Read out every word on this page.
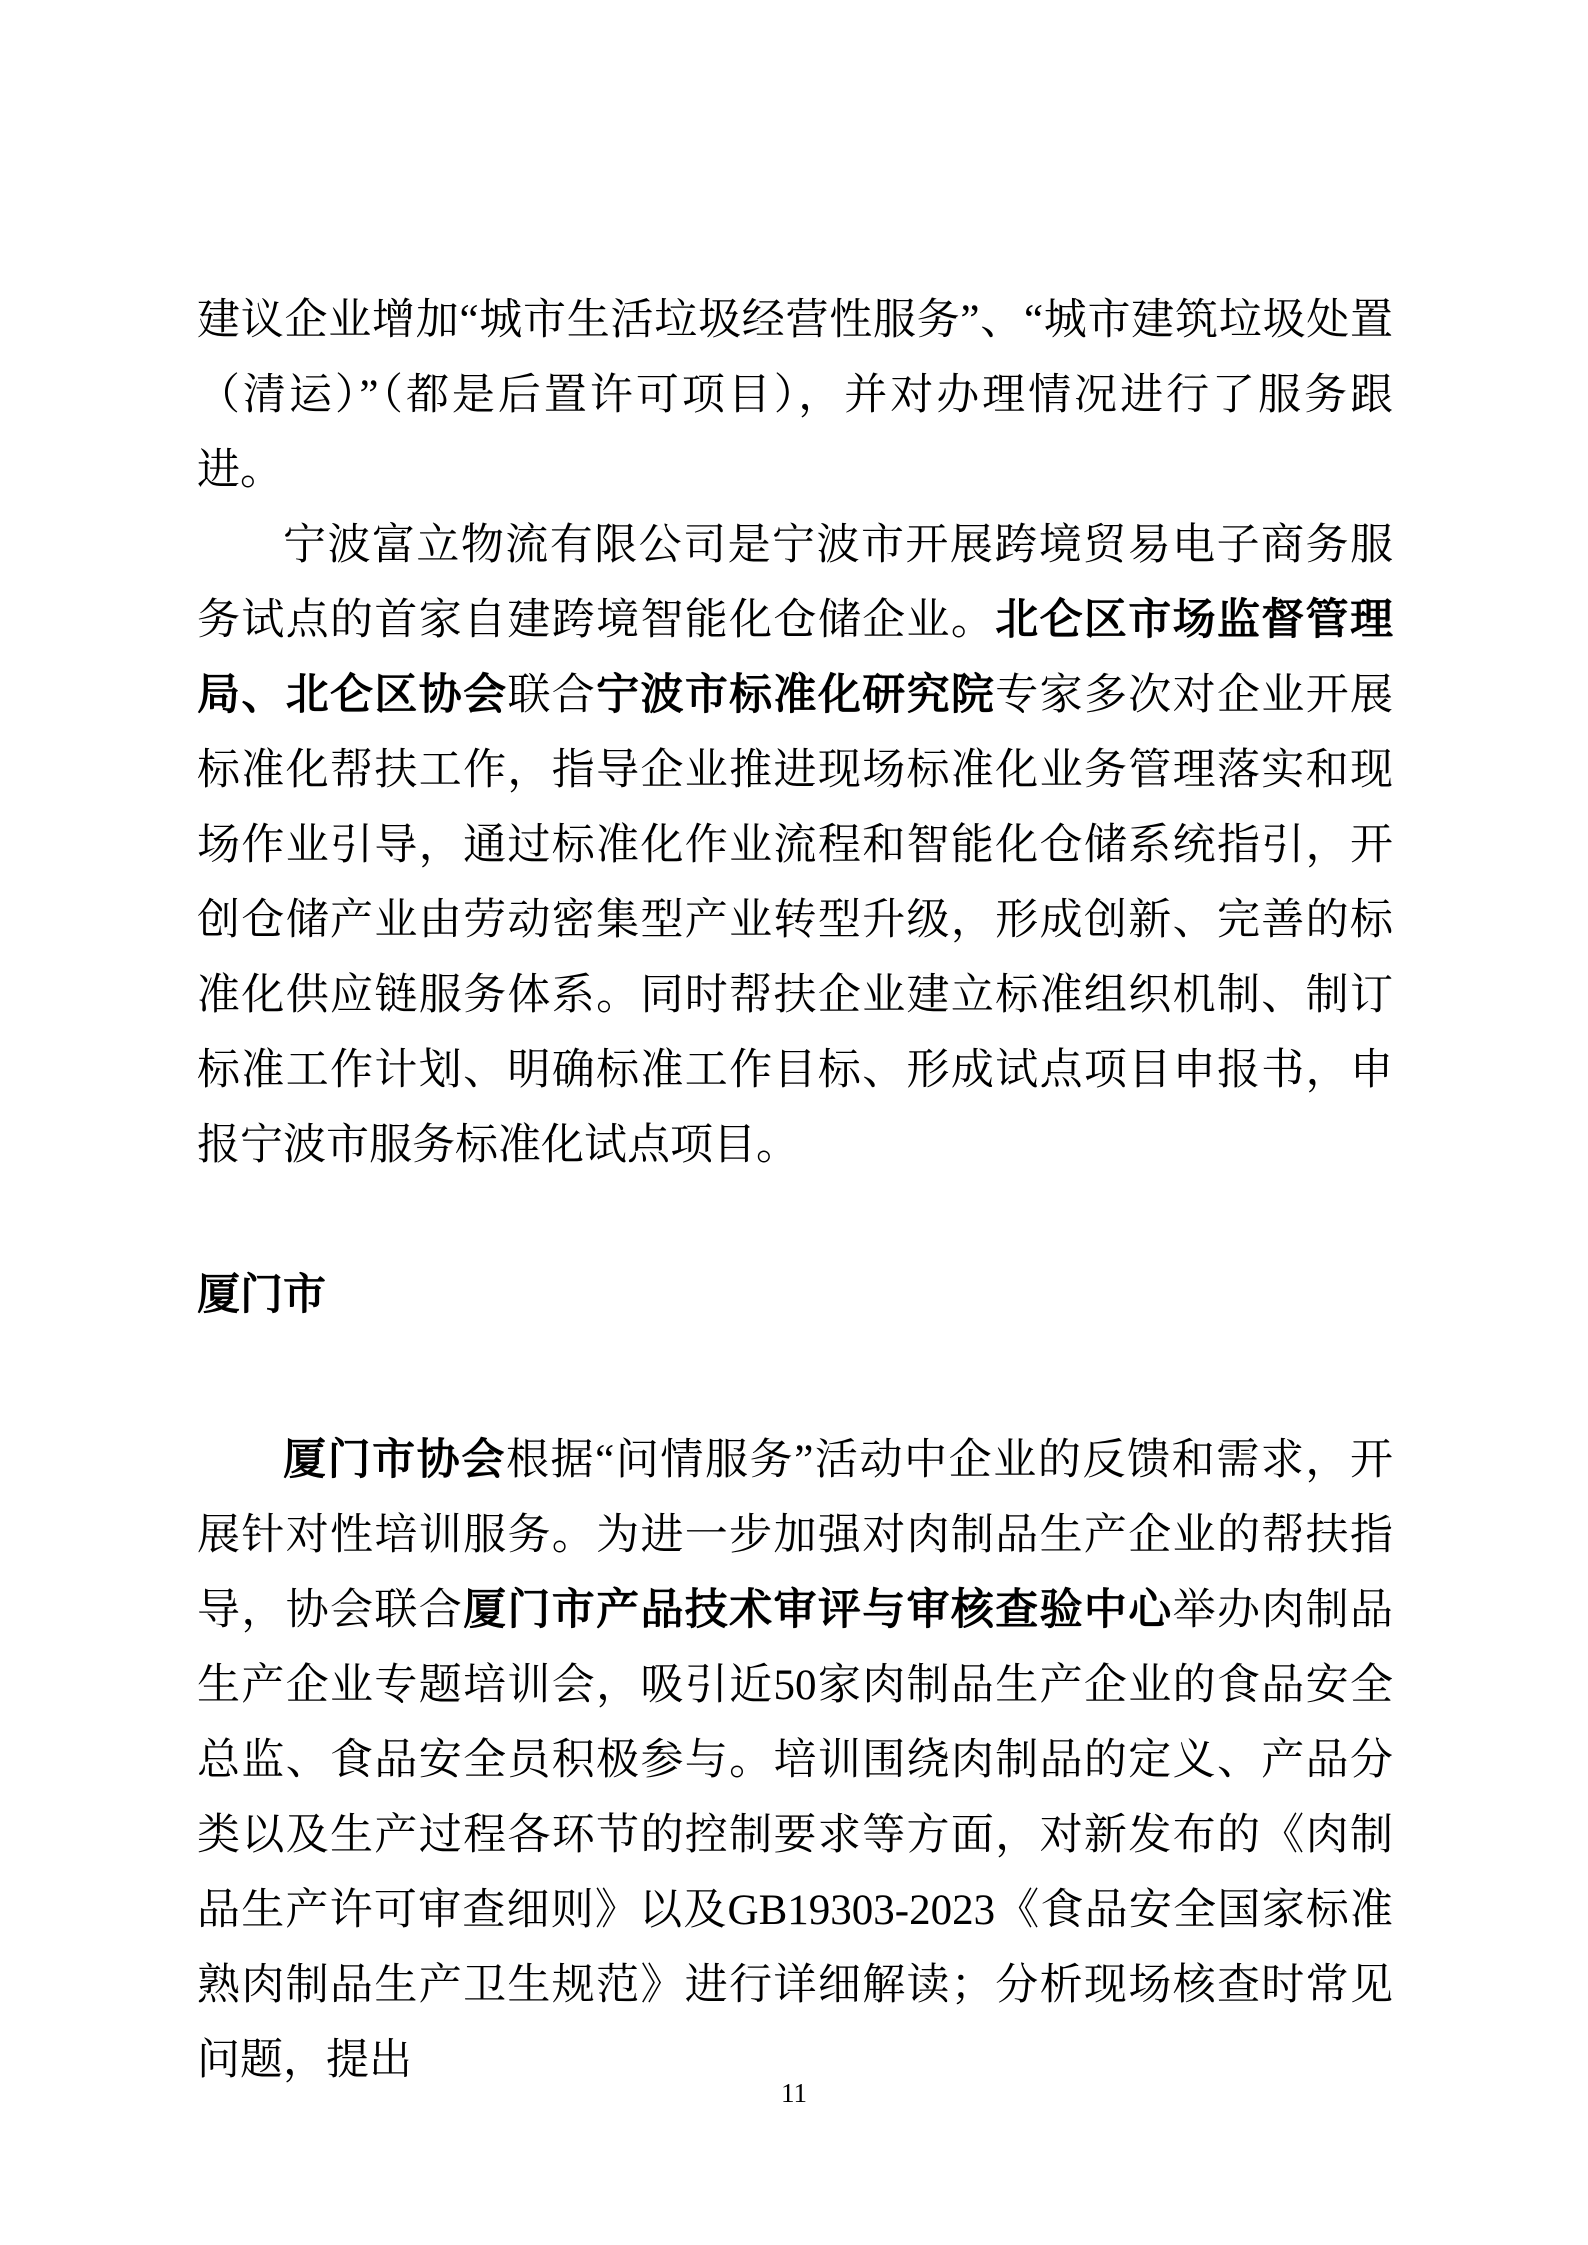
建议企业增加“城市生活垃圾经营性服务”、“城市建筑垃圾处置（清运）”（都是后置许可项目），并对办理情况进行了服务跟进。

宁波富立物流有限公司是宁波市开展跨境贸易电子商务服务试点的首家自建跨境智能化仓储企业。北仑区市场监督管理局、北仑区协会联合宁波市标准化研究院专家多次对企业开展标准化帮扶工作，指导企业推进现场标准化业务管理落实和现场作业引导，通过标准化作业流程和智能化仓储系统指引，开创仓储产业由劳动密集型产业转型升级，形成创新、完善的标准化供应链服务体系。同时帮扶企业建立标准组织机制、制订标准工作计划、明确标准工作目标、形成试点项目申报书，申报宁波市服务标准化试点项目。

厦门市

厦门市协会根据“问情服务”活动中企业的反馈和需求，开展针对性培训服务。为进一步加强对肉制品生产企业的帮扶指导，协会联合厦门市产品技术审评与审核查验中心举办肉制品生产企业专题培训会，吸引近50家肉制品生产企业的食品安全总监、食品安全员积极参与。培训围绕肉制品的定义、产品分类以及生产过程各环节的控制要求等方面，对新发布的《肉制品生产许可审查细则》以及GB19303-2023《食品安全国家标准熟肉制品生产卫生规范》进行详细解读；分析现场核查时常见问题，提出

11
